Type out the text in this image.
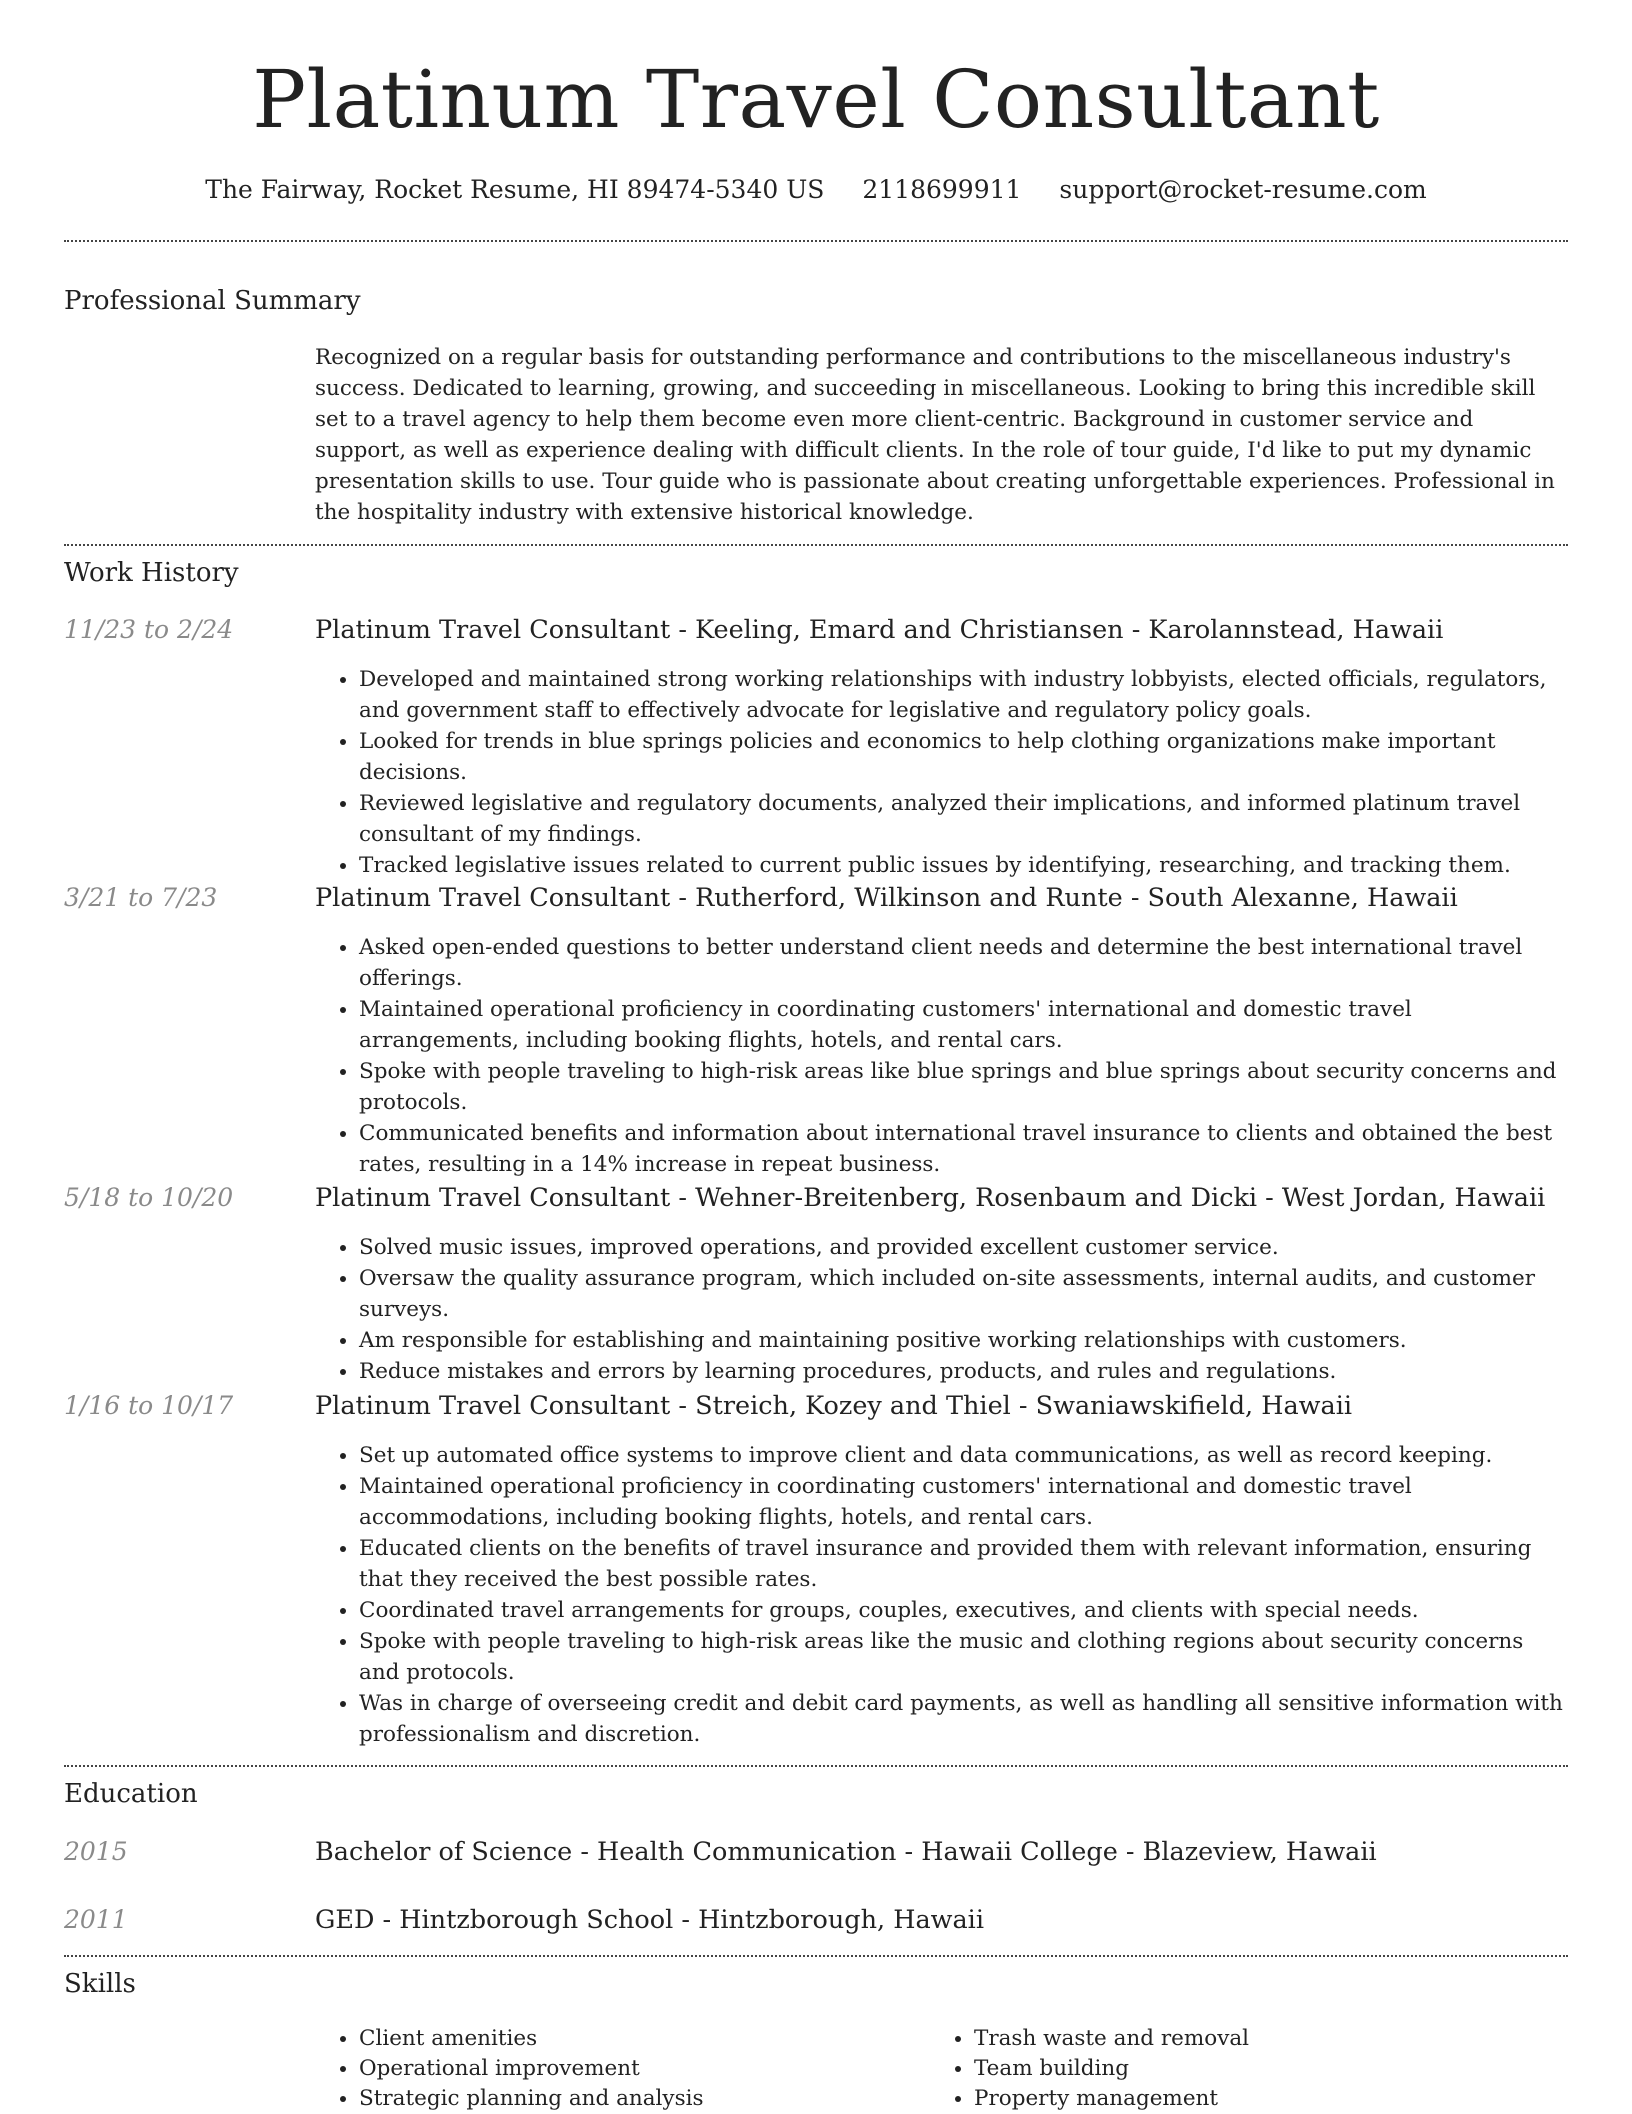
Platinum Travel Consultant
The Fairway, Rocket Resume, HI 89474-5340 US 2118699911 support@rocket-resume.com
Professional Summary
Recognized on a regular basis for outstanding performance and contributions to the miscellaneous industry's success. Dedicated to learning, growing, and succeeding in miscellaneous. Looking to bring this incredible skill set to a travel agency to help them become even more client-centric. Background in customer service and support, as well as experience dealing with difficult clients. In the role of tour guide, I'd like to put my dynamic presentation skills to use. Tour guide who is passionate about creating unforgettable experiences. Professional in the hospitality industry with extensive historical knowledge.
Work History
11/23 to 2/24	Platinum Travel Consultant - Keeling, Emard and Christiansen - Karolannstead, Hawaii
• Developed and maintained strong working relationships with industry lobbyists, elected officials, regulators, and government staff to effectively advocate for legislative and regulatory policy goals.
• Looked for trends in blue springs policies and economics to help clothing organizations make important decisions.
• Reviewed legislative and regulatory documents, analyzed their implications, and informed platinum travel consultant of my findings.
• Tracked legislative issues related to current public issues by identifying, researching, and tracking them.
3/21 to 7/23	Platinum Travel Consultant - Rutherford, Wilkinson and Runte - South Alexanne, Hawaii
• Asked open-ended questions to better understand client needs and determine the best international travel offerings.
• Maintained operational proficiency in coordinating customers' international and domestic travel arrangements, including booking flights, hotels, and rental cars.
• Spoke with people traveling to high-risk areas like blue springs and blue springs about security concerns and protocols.
• Communicated benefits and information about international travel insurance to clients and obtained the best rates, resulting in a 14% increase in repeat business.
5/18 to 10/20	Platinum Travel Consultant - Wehner-Breitenberg, Rosenbaum and Dicki - West Jordan, Hawaii
• Solved music issues, improved operations, and provided excellent customer service.
• Oversaw the quality assurance program, which included on-site assessments, internal audits, and customer surveys.
• Am responsible for establishing and maintaining positive working relationships with customers.
• Reduce mistakes and errors by learning procedures, products, and rules and regulations.
1/16 to 10/17	Platinum Travel Consultant - Streich, Kozey and Thiel - Swaniawskifield, Hawaii
• Set up automated office systems to improve client and data communications, as well as record keeping.
• Maintained operational proficiency in coordinating customers' international and domestic travel accommodations, including booking flights, hotels, and rental cars.
• Educated clients on the benefits of travel insurance and provided them with relevant information, ensuring that they received the best possible rates.
• Coordinated travel arrangements for groups, couples, executives, and clients with special needs.
• Spoke with people traveling to high-risk areas like the music and clothing regions about security concerns and protocols.
• Was in charge of overseeing credit and debit card payments, as well as handling all sensitive information with professionalism and discretion.
Education
2015	Bachelor of Science - Health Communication - Hawaii College - Blazeview, Hawaii
2011	GED - Hintzborough School - Hintzborough, Hawaii
Skills
• Client amenities
• Operational improvement
• Strategic planning and analysis
• Trash waste and removal
• Team building
• Property management
